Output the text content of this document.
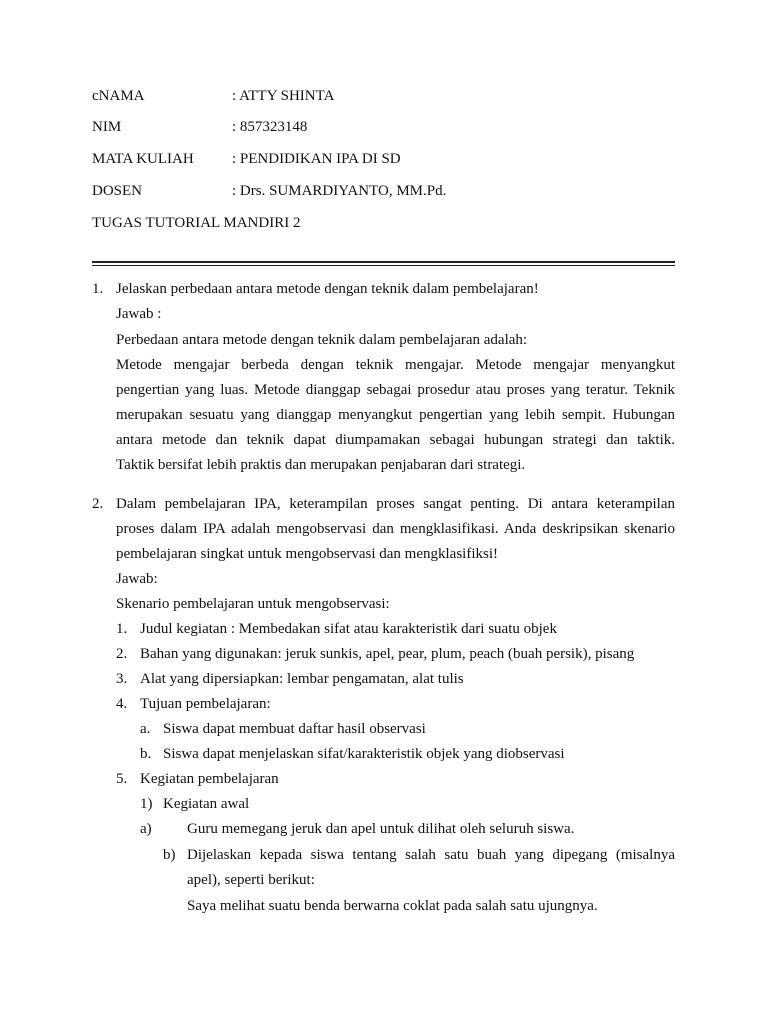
cNAMA	: ATTY SHINTA
NIM	: 857323148
MATA KULIAH	: PENDIDIKAN IPA DI SD
DOSEN	: Drs. SUMARDIYANTO, MM.Pd.
TUGAS TUTORIAL MANDIRI 2
1. Jelaskan perbedaan antara metode dengan teknik dalam pembelajaran!
Jawab :
Perbedaan antara metode dengan teknik dalam pembelajaran adalah:
Metode mengajar berbeda dengan teknik mengajar. Metode mengajar menyangkut
pengertian yang luas. Metode dianggap sebagai prosedur atau proses yang teratur. Teknik
merupakan sesuatu yang dianggap menyangkut pengertian yang lebih sempit. Hubungan
antara metode dan teknik dapat diumpamakan sebagai hubungan strategi dan taktik.
Taktik bersifat lebih praktis dan merupakan penjabaran dari strategi.
2. Dalam pembelajaran IPA, keterampilan proses sangat penting. Di antara keterampilan
proses dalam IPA adalah mengobservasi dan mengklasifikasi. Anda deskripsikan skenario
pembelajaran singkat untuk mengobservasi dan mengklasifiksi!
Jawab:
Skenario pembelajaran untuk mengobservasi:
1. Judul kegiatan : Membedakan sifat atau karakteristik dari suatu objek
2. Bahan yang digunakan: jeruk sunkis, apel, pear, plum, peach (buah persik), pisang
3. Alat yang dipersiapkan: lembar pengamatan, alat tulis
4. Tujuan pembelajaran:
a. Siswa dapat membuat daftar hasil observasi
b. Siswa dapat menjelaskan sifat/karakteristik objek yang diobservasi
5. Kegiatan pembelajaran
1) Kegiatan awal
a) Guru memegang jeruk dan apel untuk dilihat oleh seluruh siswa.
b) Dijelaskan kepada siswa tentang salah satu buah yang dipegang (misalnya
apel), seperti berikut:
Saya melihat suatu benda berwarna coklat pada salah satu ujungnya.
